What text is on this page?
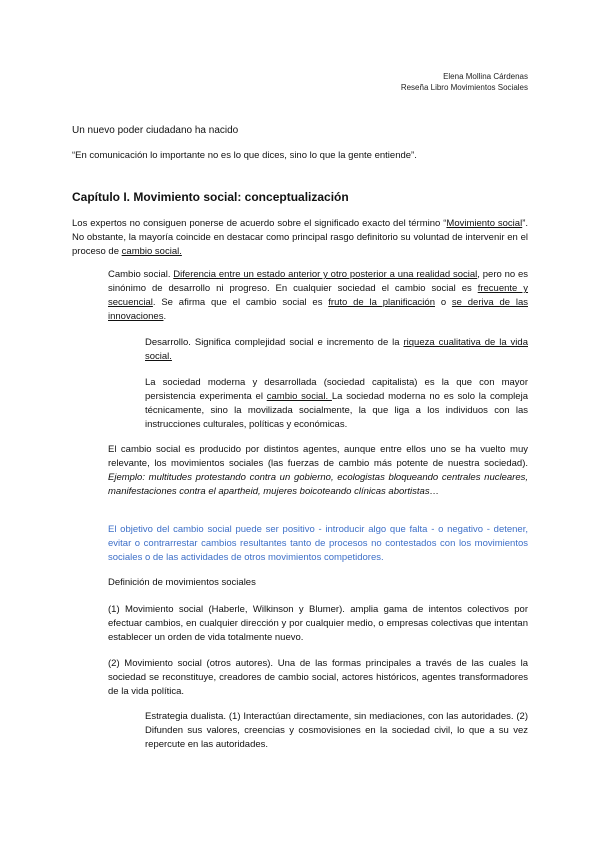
Elena Mollina Cárdenas
Reseña Libro Movimientos Sociales
Un nuevo poder ciudadano ha nacido
“En comunicación lo importante no es lo que dices, sino lo que la gente entiende”.
Capítulo I. Movimiento social: conceptualización
Los expertos no consiguen ponerse de acuerdo sobre el significado exacto del término “Movimiento social”. No obstante, la mayoría coincide en destacar como principal rasgo definitorio su voluntad de intervenir en el proceso de cambio social.
Cambio social. Diferencia entre un estado anterior y otro posterior a una realidad social, pero no es sinónimo de desarrollo ni progreso. En cualquier sociedad el cambio social es frecuente y secuencial. Se afirma que el cambio social es fruto de la planificación o se deriva de las innovaciones.
Desarrollo. Significa complejidad social e incremento de la riqueza cualitativa de la vida social.
La sociedad moderna y desarrollada (sociedad capitalista) es la que con mayor persistencia experimenta el cambio social. La sociedad moderna no es solo la compleja técnicamente, sino la movilizada socialmente, la que liga a los individuos con las instrucciones culturales, políticas y económicas.
El cambio social es producido por distintos agentes, aunque entre ellos uno se ha vuelto muy relevante, los movimientos sociales (las fuerzas de cambio más potente de nuestra sociedad). Ejemplo: multitudes protestando contra un gobierno, ecologistas bloqueando centrales nucleares, manifestaciones contra el apartheid, mujeres boicoteando clínicas abortistas…
El objetivo del cambio social puede ser positivo - introducir algo que falta - o negativo - detener, evitar o contrarrestar cambios resultantes tanto de procesos no contestados con los movimientos sociales o de las actividades de otros movimientos competidores.
Definición de movimientos sociales
(1) Movimiento social (Haberle, Wilkinson y Blumer). amplia gama de intentos colectivos por efectuar cambios, en cualquier dirección y por cualquier medio, o empresas colectivas que intentan establecer un orden de vida totalmente nuevo.
(2) Movimiento social (otros autores). Una de las formas principales a través de las cuales la sociedad se reconstituye, creadores de cambio social, actores históricos, agentes transformadores de la vida política.
Estrategia dualista. (1) Interactúan directamente, sin mediaciones, con las autoridades. (2) Difunden sus valores, creencias y cosmovisiones en la sociedad civil, lo que a su vez repercute en las autoridades.
